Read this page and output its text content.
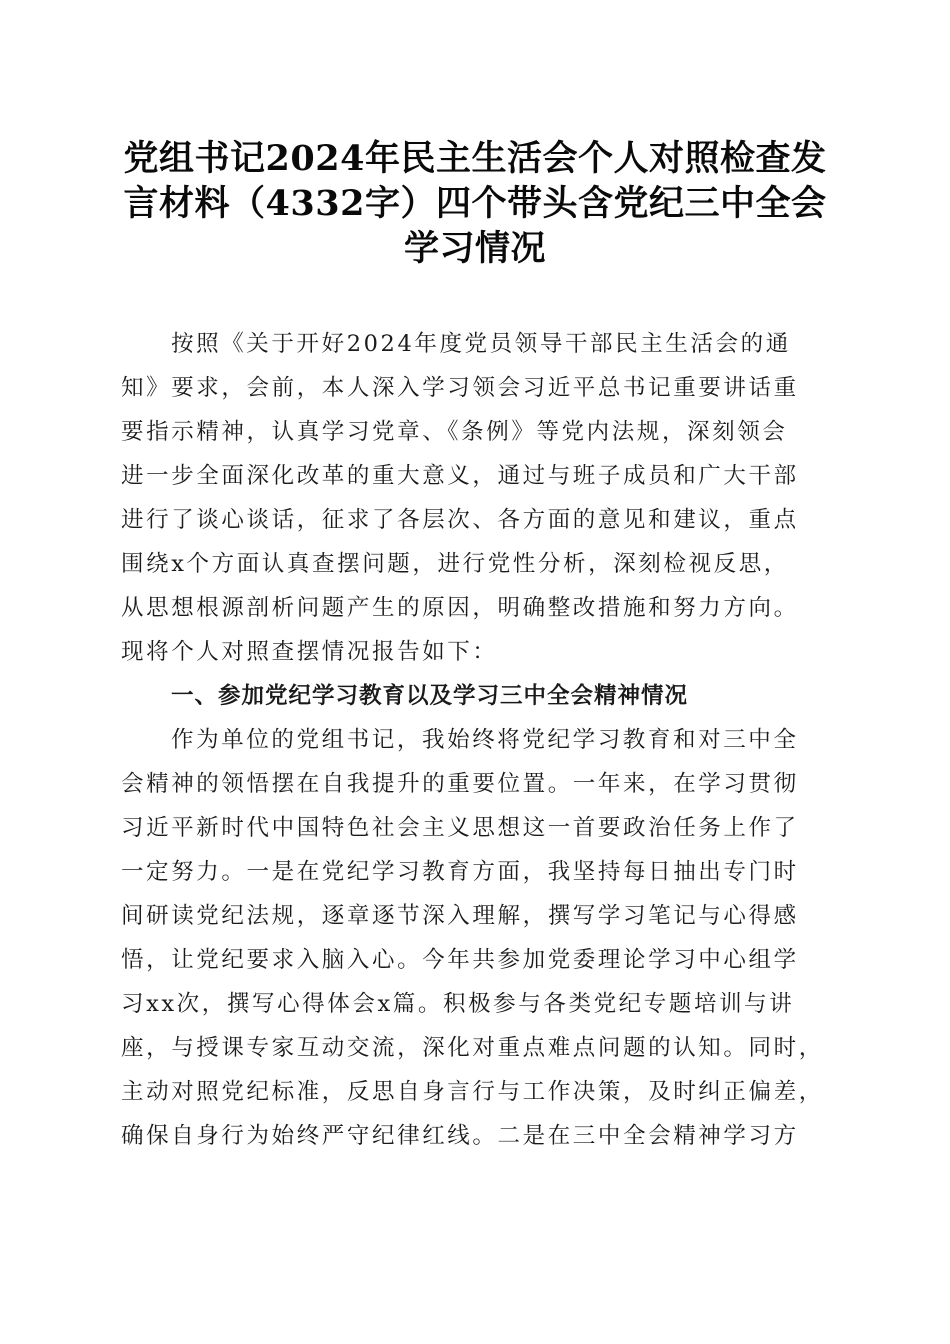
党组书记2024年民主生活会个人对照检查发
言材料（4332字）四个带头含党纪三中全会
学习情况
按照《关于开好2024年度党员领导干部民主生活会的通
知》要求，会前，本人深入学习领会习近平总书记重要讲话重
要指示精神，认真学习党章、《条例》等党内法规，深刻领会
进一步全面深化改革的重大意义，通过与班子成员和广大干部
进行了谈心谈话，征求了各层次、各方面的意见和建议，重点
围绕x个方面认真查摆问题，进行党性分析，深刻检视反思，
从思想根源剖析问题产生的原因，明确整改措施和努力方向。
现将个人对照查摆情况报告如下：
一、参加党纪学习教育以及学习三中全会精神情况
作为单位的党组书记，我始终将党纪学习教育和对三中全
会精神的领悟摆在自我提升的重要位置。一年来，在学习贯彻
习近平新时代中国特色社会主义思想这一首要政治任务上作了
一定努力。一是在党纪学习教育方面，我坚持每日抽出专门时
间研读党纪法规，逐章逐节深入理解，撰写学习笔记与心得感
悟，让党纪要求入脑入心。今年共参加党委理论学习中心组学
习xx次，撰写心得体会x篇。积极参与各类党纪专题培训与讲
座，与授课专家互动交流，深化对重点难点问题的认知。同时，
主动对照党纪标准，反思自身言行与工作决策，及时纠正偏差，
确保自身行为始终严守纪律红线。二是在三中全会精神学习方
